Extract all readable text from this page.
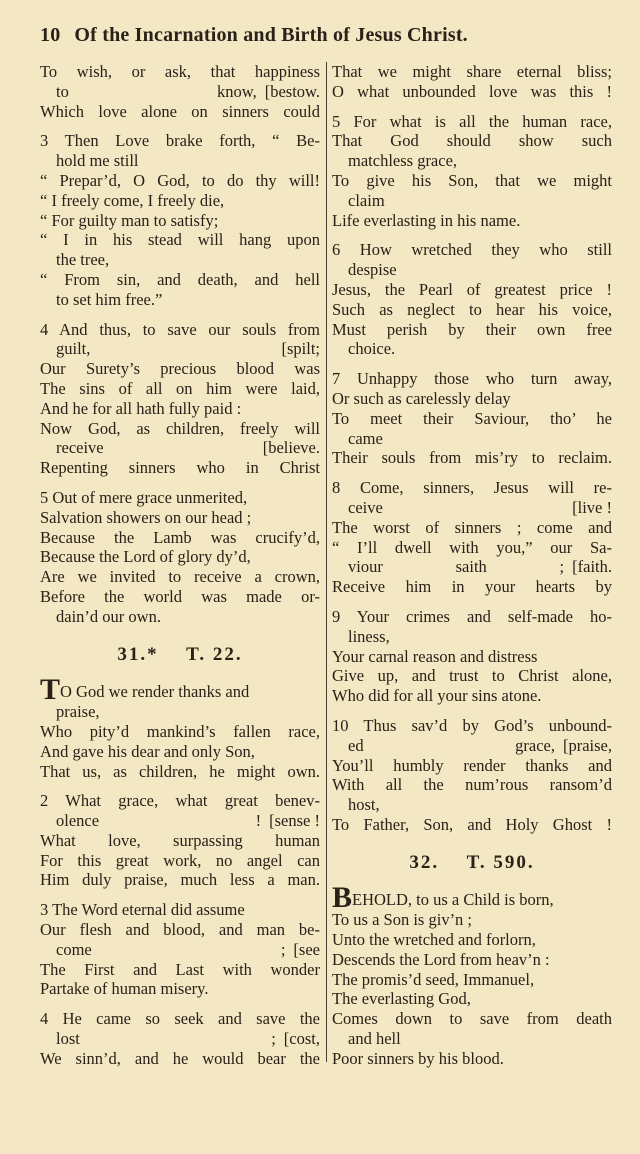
10 Of the Incarnation and Birth of Jesus Christ.
To wish, or ask, that happiness
to know, [bestow.
Which love alone on sinners could
3 Then Love brake forth, “ Be-
hold me still
“ Prepar’d, O God, to do thy will!
“ I freely come, I freely die,
“ For guilty man to satisfy;
“ I in his stead will hang upon
the tree,
“ From sin, and death, and hell
to set him free.”
4 And thus, to save our souls from
guilt,	[spilt;
Our Surety’s precious blood was
The sins of all on him were laid,
And he for all hath fully paid :
Now God, as children, freely will
receive	[believe.
Repenting sinners who in Christ
5 Out of mere grace unmerited,
Salvation showers on our head ;
Because the Lamb was crucify’d,
Because the Lord of glory dy’d,
Are we invited to receive a crown,
Before the world was made or-
dain’d our own.
31.*  T. 22.
TO God we render thanks and
praise,
Who pity’d mankind’s fallen race,
And gave his dear and only Son,
That us, as children, he might own.
2 What grace, what great benev-
olence ! [sense !
What love, surpassing human
For this great work, no angel can
Him duly praise, much less a man.
3 The Word eternal did assume
Our flesh and blood, and man be-
come ; [see
The First and Last with wonder
Partake of human misery.
4 He came so seek and save the
lost ; [cost,
We sinn’d, and he would bear the
That we might share eternal bliss;
O what unbounded love was this !
5 For what is all the human race,
That God should show such
matchless grace,
To give his Son, that we might
claim
Life everlasting in his name.
6 How wretched they who still
despise
Jesus, the Pearl of greatest price !
Such as neglect to hear his voice,
Must perish by their own free
choice.
7 Unhappy those who turn away,
Or such as carelessly delay
To meet their Saviour, tho’ he
came
Their souls from mis’ry to reclaim.
8 Come, sinners, Jesus will re-
ceive	[live !
The worst of sinners ; come and
“ I’ll dwell with you,” our Sa-
viour saith ; [faith.
Receive him in your hearts by
9 Your crimes and self-made ho-
liness,
Your carnal reason and distress
Give up, and trust to Christ alone,
Who did for all your sins atone.
10 Thus sav’d by God’s unbound-
ed grace, [praise,
You’ll humbly render thanks and
With all the num’rous ransom’d
host,
To Father, Son, and Holy Ghost !
32.  T. 590.
BEHOLD, to us a Child is born,
To us a Son is giv’n ;
Unto the wretched and forlorn,
Descends the Lord from heav’n :
The promis’d seed, Immanuel,
The everlasting God,
Comes down to save from death
and hell
Poor sinners by his blood.
